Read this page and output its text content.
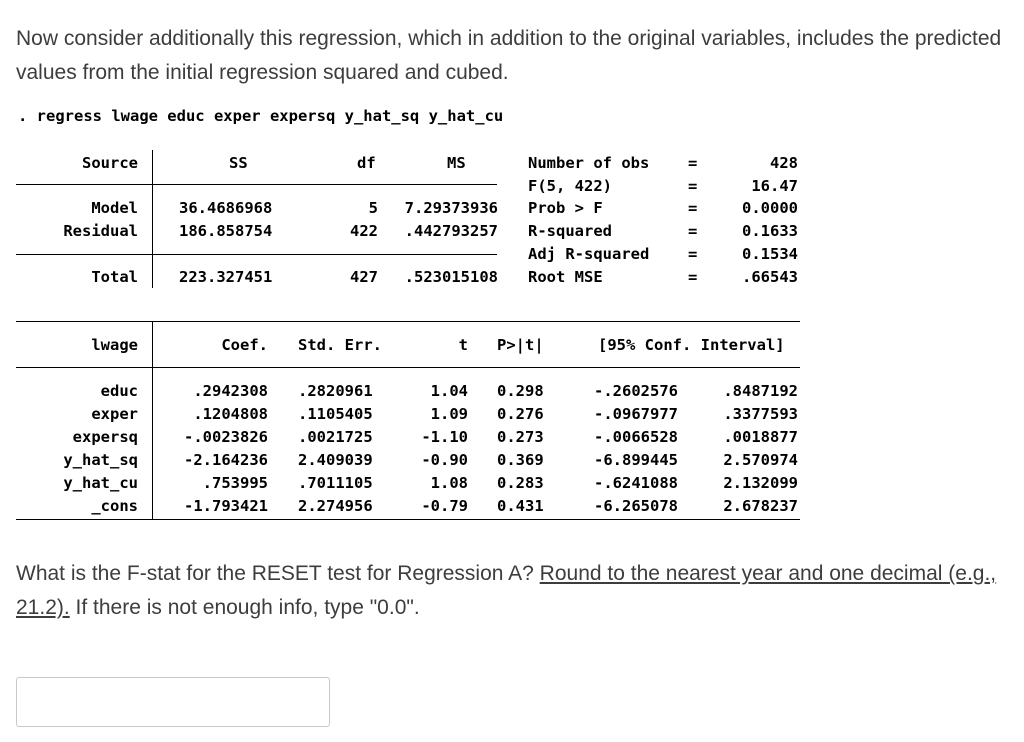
Now consider additionally this regression, which in addition to the original variables, includes the predicted values from the initial regression squared and cubed.

. regress lwage educ exper expersq y_hat_sq y_hat_cu
Source	SS	df	MS
Model	36.4686968	5	7.29373936
Residual	186.858754	422	.442793257
Total	223.327451	427	.523015108
Number of obs =	428
F(5, 422)	=	16.47
Prob > F	=	0.0000
R-squared	=	0.1633
Adj R-squared =	0.1534
Root MSE	=	.66543
lwage	Coef. Std. Err.	t P>|t|	[95% Conf. Interval]
educ	.2942308 .2820961	1.04 0.298	-.2602576	.8487192
exper	.1204808 .1105405	1.09 0.276	-.0967977	.3377593
expersq	-.0023826 .0021725	-1.10 0.273	-.0066528	.0018877
y_hat_sq	-2.164236 2.409039	-0.90 0.369	-6.899445	2.570974
y_hat_cu	.753995 .7011105	1.08 0.283	-.6241088	2.132099
_cons	-1.793421 2.274956	-0.79 0.431	-6.265078	2.678237

What is the F-stat for the RESET test for Regression A? Round to the nearest year and one decimal (e.g., 21.2). If there is not enough info, type "0.0".
